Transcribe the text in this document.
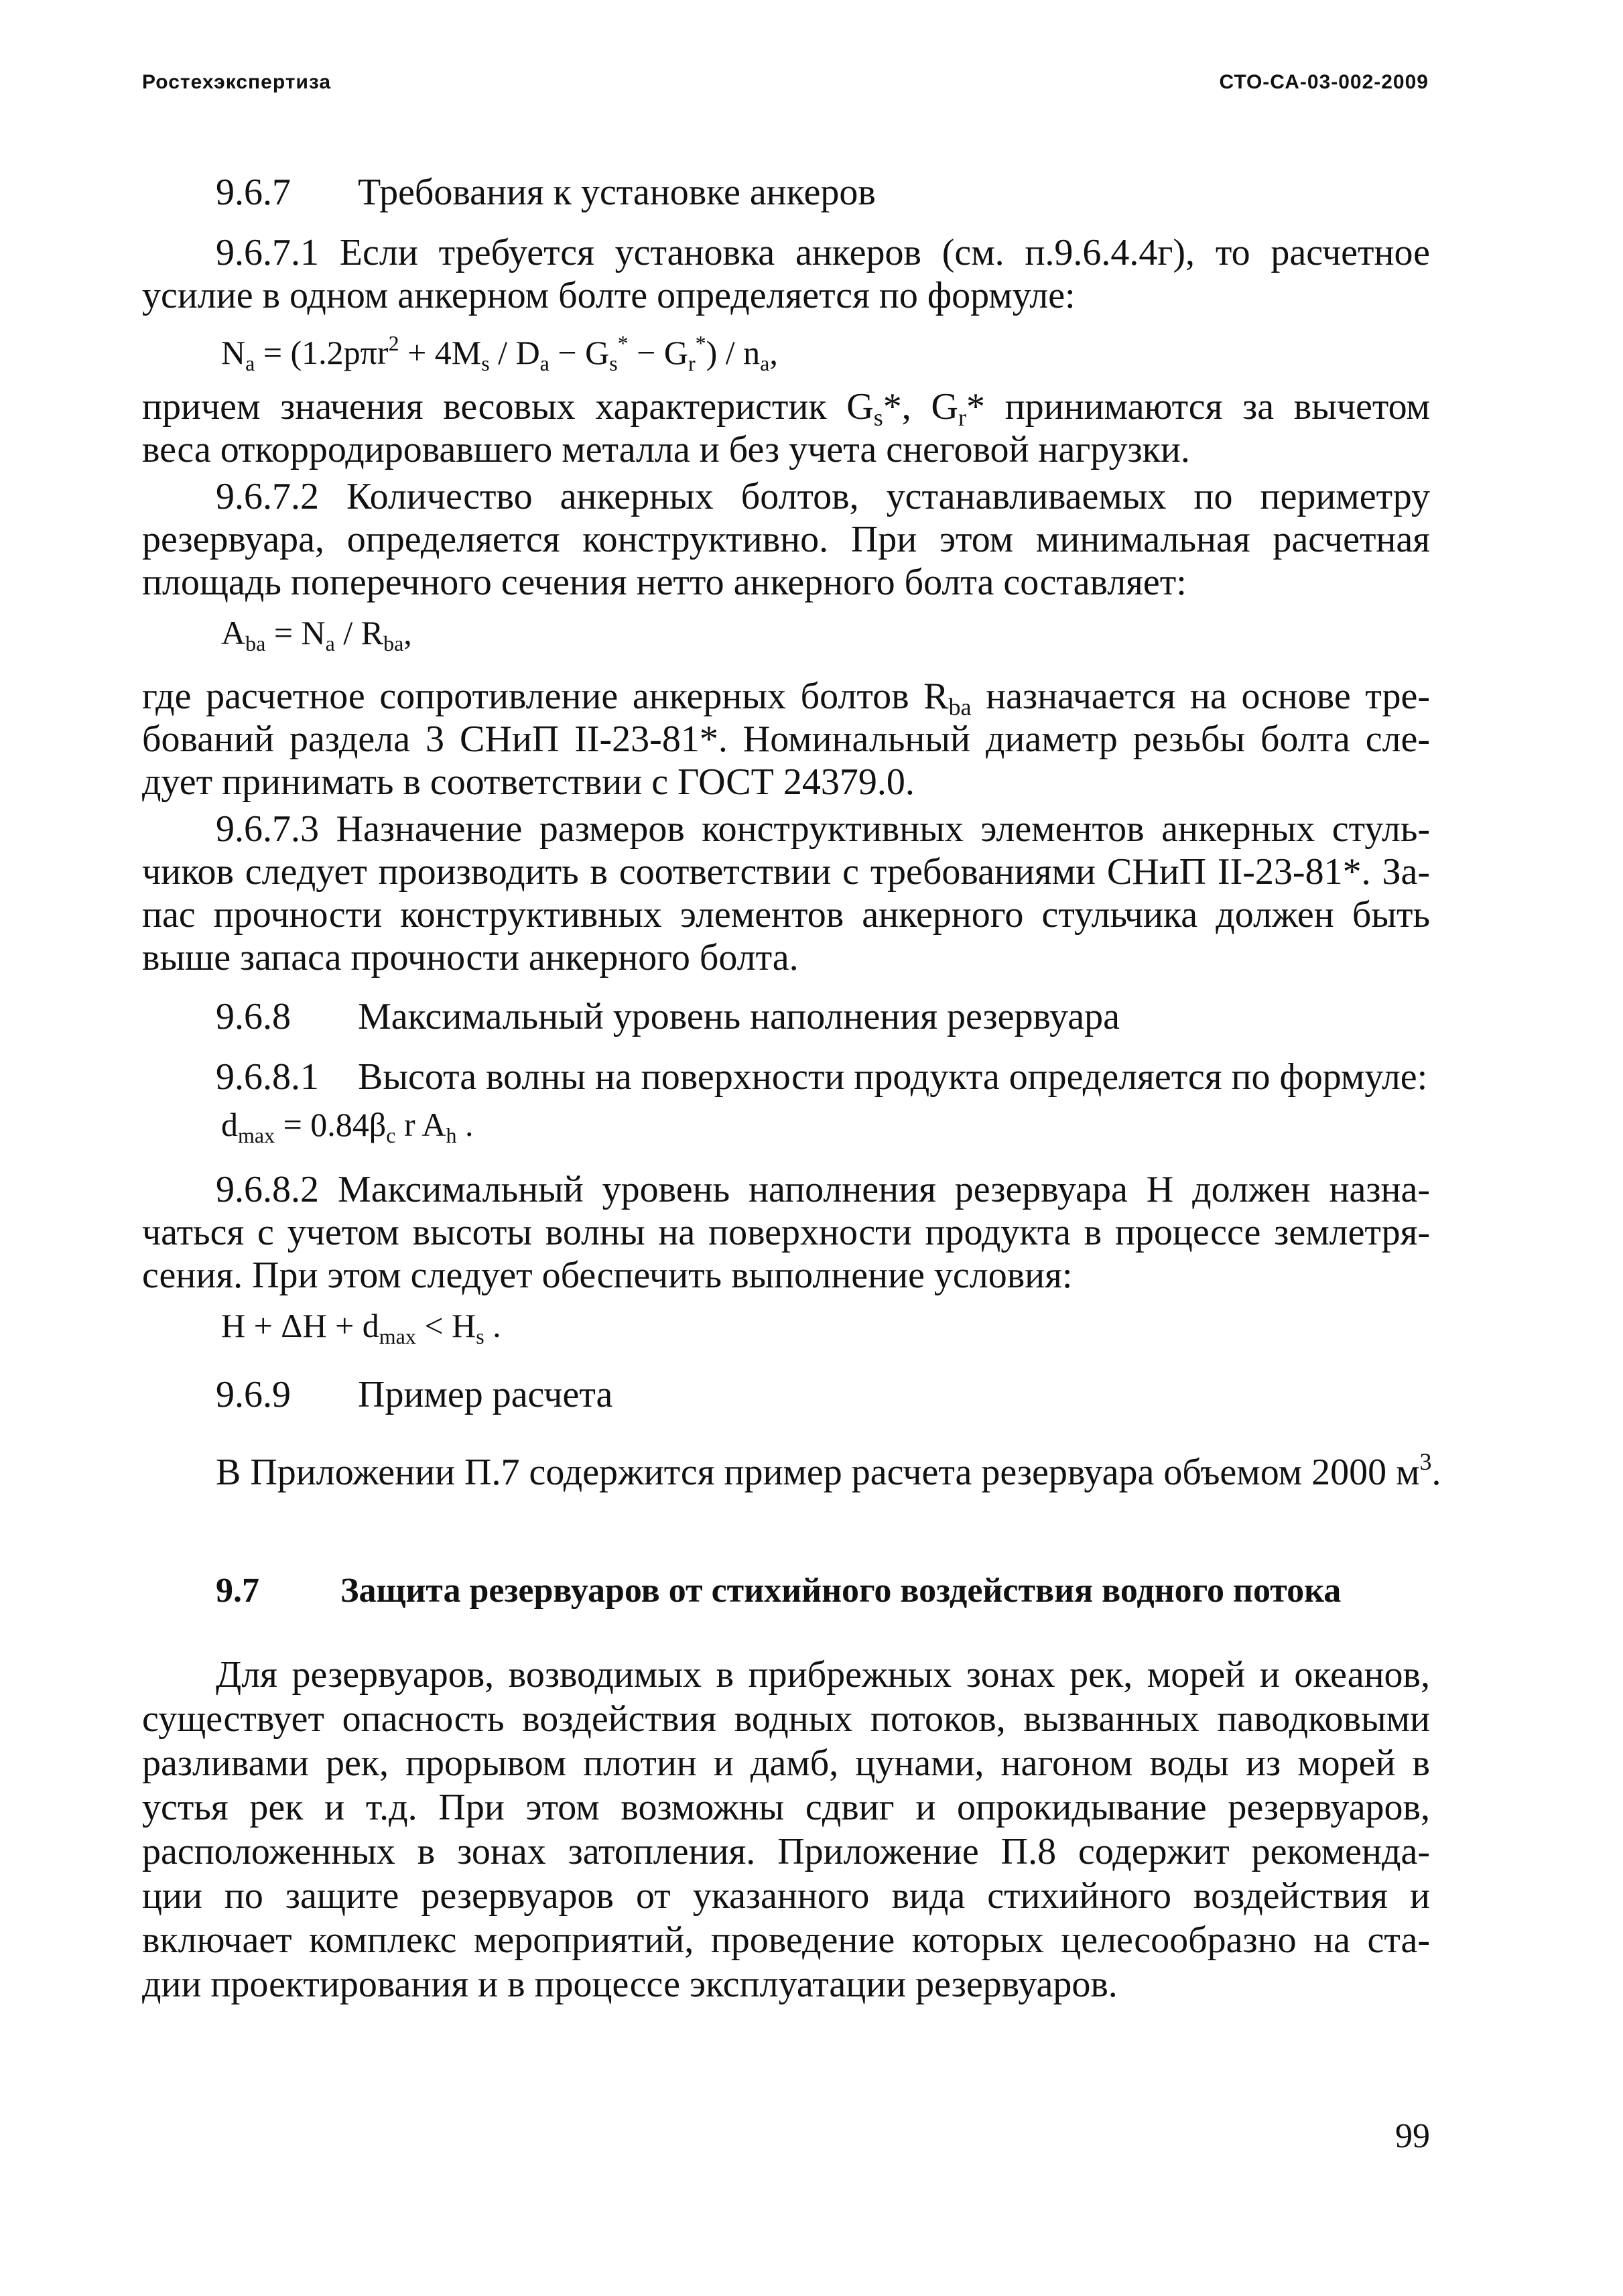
Ростехэкспертиза	СТО-СА-03-002-2009
9.6.7 Требования к установке анкеров
9.6.7.1 Если требуется установка анкеров (см. п.9.6.4.4г), то расчетное
усилие в одном анкерном болте определяется по формуле:
$N_a = (1.2p\pi r^2 + 4M_s / D_a - G_s^* - G_r^*) / n_a$,
причем значения весовых характеристик $G_s*$, $G_r*$ принимаются за вычетом
веса откорродировавшего металла и без учета снеговой нагрузки.
9.6.7.2 Количество анкерных болтов, устанавливаемых по периметру
резервуара, определяется конструктивно. При этом минимальная расчетная
площадь поперечного сечения нетто анкерного болта составляет:
$A_{ba} = N_a / R_{ba}$,
где расчетное сопротивление анкерных болтов $R_{ba}$ назначается на основе тре-
бований раздела 3 СНиП II-23-81*. Номинальный диаметр резьбы болта сле-
дует принимать в соответствии с ГОСТ 24379.0.
9.6.7.3 Назначение размеров конструктивных элементов анкерных стуль-
чиков следует производить в соответствии с требованиями СНиП II-23-81*. За-
пас прочности конструктивных элементов анкерного стульчика должен быть
выше запаса прочности анкерного болта.
9.6.8 Максимальный уровень наполнения резервуара
9.6.8.1 Высота волны на поверхности продукта определяется по формуле:
$d_{max} = 0.84\beta_c$ r $A_h$ .
9.6.8.2 Максимальный уровень наполнения резервуара H должен назна-
чаться с учетом высоты волны на поверхности продукта в процессе землетря-
сения. При этом следует обеспечить выполнение условия:
$H + \Delta H + d_{max} < H_s$ .
9.6.9 Пример расчета
В Приложении П.7 содержится пример расчета резервуара объемом 2000 $м^3$.
9.7 Защита резервуаров от стихийного воздействия водного потока
Для резервуаров, возводимых в прибрежных зонах рек, морей и океанов,
существует опасность воздействия водных потоков, вызванных паводковыми
разливами рек, прорывом плотин и дамб, цунами, нагоном воды из морей в
устья рек и т.д. При этом возможны сдвиг и опрокидывание резервуаров,
расположенных в зонах затопления. Приложение П.8 содержит рекоменда-
ции по защите резервуаров от указанного вида стихийного воздействия и
включает комплекс мероприятий, проведение которых целесообразно на ста-
дии проектирования и в процессе эксплуатации резервуаров.
99
